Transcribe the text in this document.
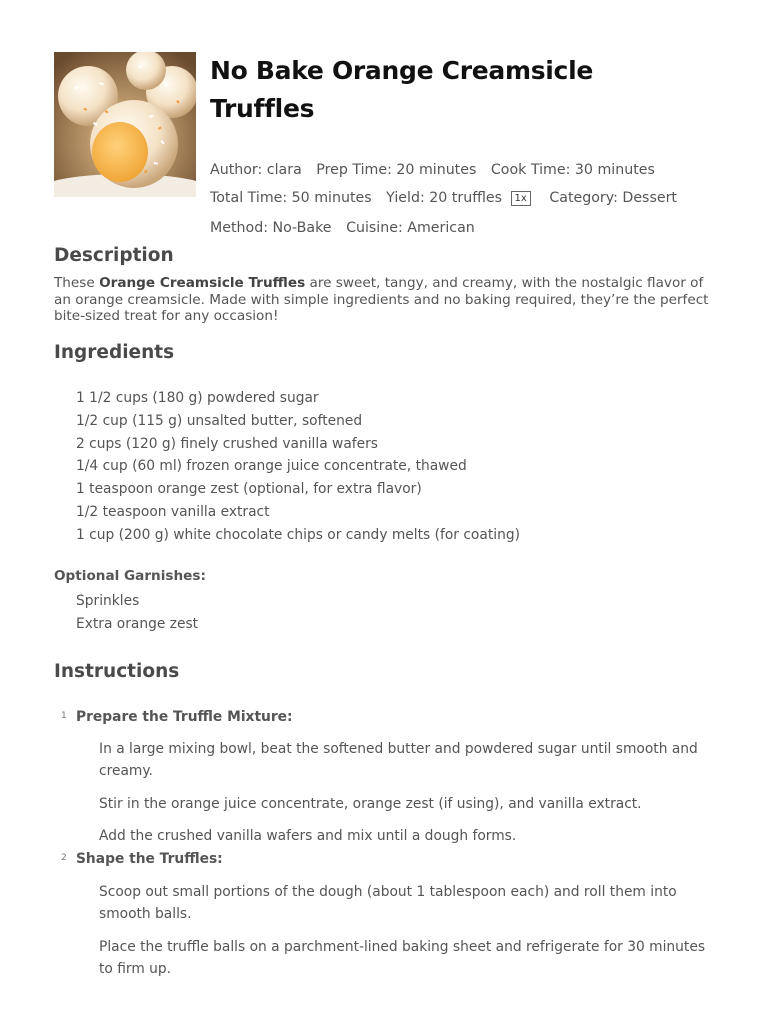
No Bake Orange Creamsicle Truffles
Author: clara Prep Time: 20 minutes Cook Time: 30 minutes
Total Time: 50 minutes Yield: 20 truffles 1x Category: Dessert
Method: No-Bake Cuisine: American
Description

These Orange Creamsicle Truffles are sweet, tangy, and creamy, with the nostalgic flavor of an orange creamsicle. Made with simple ingredients and no baking required, they’re the perfect bite-sized treat for any occasion!

Ingredients
1 1/2 cups (180 g) powdered sugar
1/2 cup (115 g) unsalted butter, softened
2 cups (120 g) finely crushed vanilla wafers
1/4 cup (60 ml) frozen orange juice concentrate, thawed
1 teaspoon orange zest (optional, for extra flavor)
1/2 teaspoon vanilla extract
1 cup (200 g) white chocolate chips or candy melts (for coating)
Optional Garnishes:
Sprinkles
Extra orange zest
Instructions
1 Prepare the Truffle Mixture:

In a large mixing bowl, beat the softened butter and powdered sugar until smooth and creamy.

Stir in the orange juice concentrate, orange zest (if using), and vanilla extract.

Add the crushed vanilla wafers and mix until a dough forms.

2 Shape the Truffles:

Scoop out small portions of the dough (about 1 tablespoon each) and roll them into smooth balls.

Place the truffle balls on a parchment-lined baking sheet and refrigerate for 30 minutes to firm up.
